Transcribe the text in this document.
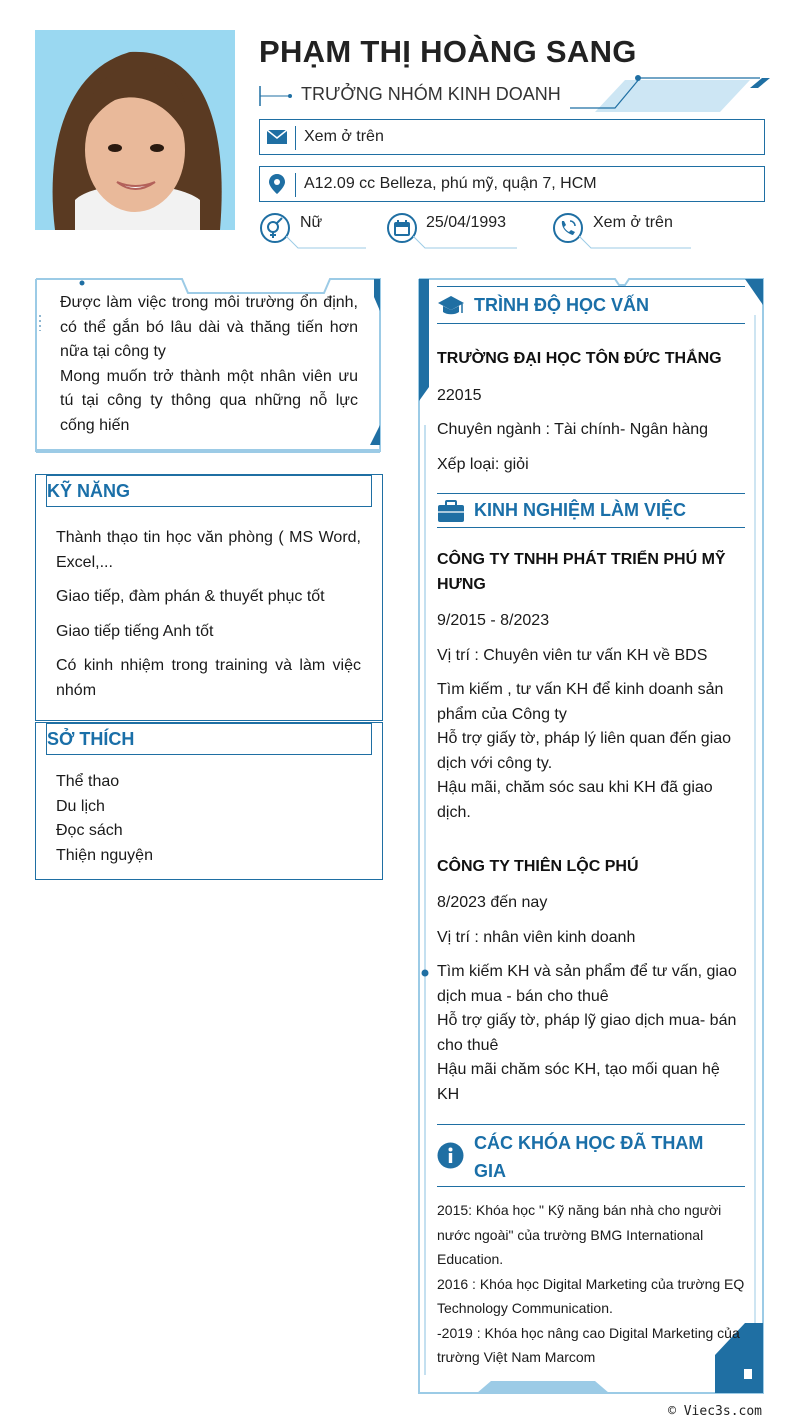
PHẠM THỊ HOÀNG SANG
TRƯỞNG NHÓM KINH DOANH
Xem ở trên
A12.09 cc Belleza, phú mỹ, quận 7, HCM
Nữ	25/04/1993	Xem ở trên
Được làm việc trong môi trường ổn định, có thể gắn bó lâu dài và thăng tiến hơn nữa tại công ty
Mong muốn trở thành một nhân viên ưu tú tại công ty thông qua những nỗ lực cống hiến
KỸ NĂNG
Thành thạo tin học văn phòng ( MS Word, Excel,...
Giao tiếp, đàm phán & thuyết phục tốt
Giao tiếp tiếng Anh tốt
Có kinh nhiệm trong training và làm việc nhóm
SỞ THÍCH
Thể thao
Du lịch
Đọc sách
Thiện nguyện
TRÌNH ĐỘ HỌC VẤN
TRƯỜNG ĐẠI HỌC TÔN ĐỨC THẮNG
22015
Chuyên ngành : Tài chính- Ngân hàng
Xếp loại: giỏi
KINH NGHIỆM LÀM VIỆC
CÔNG TY TNHH PHÁT TRIỂN PHÚ MỸ HƯNG
9/2015 - 8/2023
Vị trí : Chuyên viên tư vấn KH về BDS
Tìm kiếm , tư vấn KH để kinh doanh sản phẩm của Công ty
Hỗ trợ giấy tờ, pháp lý liên quan đến giao dịch với công ty.
Hậu mãi, chăm sóc sau khi KH đã giao dịch.
CÔNG TY THIÊN LỘC PHÚ
8/2023 đến nay
Vị trí : nhân viên kinh doanh
Tìm kiếm KH và sản phẩm để tư vấn, giao dịch mua - bán cho thuê
Hỗ trợ giấy tờ, pháp lỹ giao dịch mua- bán cho thuê
Hậu mãi chăm sóc KH, tạo mối quan hệ KH
CÁC KHÓA HỌC ĐÃ THAM GIA
2015: Khóa học " Kỹ năng bán nhà cho người nước ngoài" của trường BMG International Education.
2016 : Khóa học Digital Marketing của trường EQ Technology Communication.
-2019 : Khóa học nâng cao Digital Marketing của trường Việt Nam Marcom
© Viec3s.com
